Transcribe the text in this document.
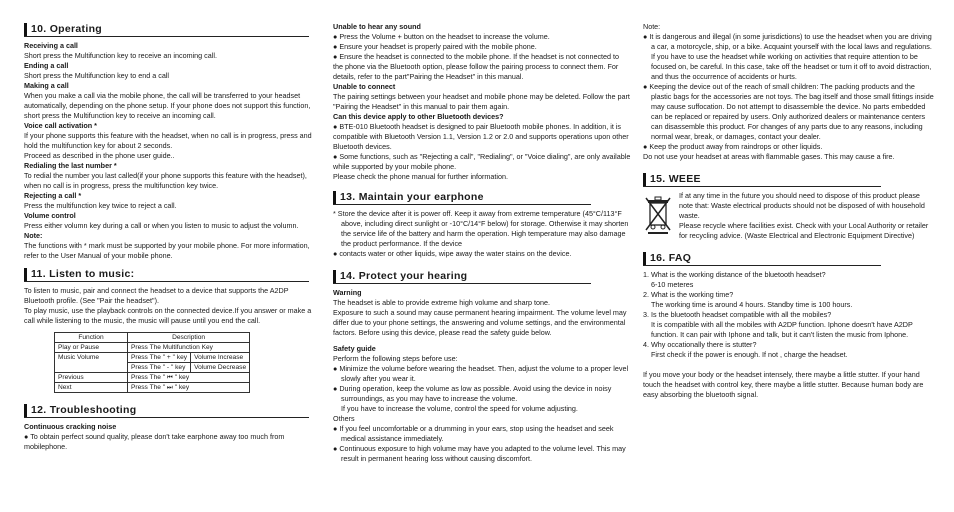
10. Operating

Receiving a call

Short press the Multifunction key to receive an incoming call.

Ending a call

Short press the Multifunction key to end a call

Making a call

When you make a call via the mobile phone, the call will be transferred to your headset automatically, depending on the phone setup. If your phone does not support this function, short press the Multifunction key to receive an incoming call.

Voice call activation *

If your phone supports this feature with the headset, when no call is in progress, press and hold the multifunction key for about 2 seconds.

Proceed as described in the phone user guide..

Redialing the last number *

To redial the number you last called(if your phone supports this feature with the headset), when no call is in progress, press the multifunction key twice.

Rejecting a call *

Press the multifunction key twice to reject a call.

Volume control

Press either volumn key during a call or when you listen to music to adjust the volumn.

Note:

The functions with * mark must be supported by your mobile phone. For more information, refer to the User Manual of your mobile phone.

11. Listen to music:

To listen to music, pair and connect the headset to a device that supports the A2DP Bluetooth profile. (See "Pair the headset").

To play music, use the playback controls on the connected device.If you answer or make a call while listening to the music, the music will pause until you end the call.

Function	Description	
Play or Pause	Press The Multifunction Key	
Music Volume	Press The " + " key	Volume Increase
	Press The " - " key	Volume Decrease
Previous	Press The " ⏮ " key	
Next	Press The " ⏭ " key	
12. Troubleshooting

Continuous cracking noise

● To obtain perfect sound quality, please don't take earphone away too much from mobilephone.

Unable to hear any sound

● Press the Volume + button on the headset to increase the volume.

● Ensure your headset is properly paired with the mobile phone.

● Ensure the headset is connected to the mobile phone. If the headset is not connected to the phone via the Bluetooth option, please follow the pairing process to connect them. For details, refer to the part"Pairing the Headset" in this manual.

Unable to connect

The pairing settings between your headset and mobile phone may be deleted. Follow the part "Pairing the Headset" in this manual to pair them again.

Can this device apply to other Bluetooth devices?

● BTE-010 Bluetooth headset is designed to pair Bluetooth mobile phones. In addition, it is compatible with Bluetooth Version 1.1, Version 1.2 or 2.0 and supports operations upon other Bluetooth devices.

● Some functions, such as "Rejecting a call", "Redialing", or "Voice dialing", are only available while supported by your mobile phone.

Please check the phone manual for further information.

13. Maintain your earphone

* Store the device after it is power off. Keep it away from extreme temperature (45°C/113°F above, including direct sunlight or -10°C/14°F below) for storage. Otherwise it may shorten the service life of the battery and harm the operation. High temperature may also damage the product performance. If the device

● contacts water or other liquids, wipe away the water stains on the device.

14. Protect your hearing

Warning

The headset is able to provide extreme high volume and sharp tone.

Exposure to such a sound may cause permanent hearing impairment. The volume level may differ due to your phone settings, the answering and volume settings, and the environmental factors. Before using this device, please read the safety guide below.

Safety guide

Perform the following steps before use:

● Minimize the volume before wearing the headset. Then, adjust the volume to a proper level slowly after you wear it.

● During operation, keep the volume as low as possible. Avoid using the device in noisy surroundings, as you may have to increase the volume.

If you have to increase the volume, control the speed for volume adjusting.

Others

● If you feel uncomfortable or a drumming in your ears, stop using the headset and seek medical assistance immediately.

● Continuous exposure to high volume may have you adapted to the volume level. This may result in permanent hearing loss without causing discomfort.

Note:

● It is dangerous and illegal (in some jurisdictions) to use the headset when you are driving a car, a motorcycle, ship, or a bike. Acquaint yourself with the local laws and regulations. If you have to use the headset while working on activities that require attention to be focused on, be careful. In this case, take off the headset or turn it off to avoid distraction, and thus the occurrence of accidents or hurts.

● Keeping the device out of the reach of small children: The packing products and the plastic bags for the accessories are not toys. The bag itself and those small fittings inside may cause suffocation. Do not attempt to disassemble the device. No parts embedded can be replaced or repaired by users. Only authorized dealers or maintenance centers can disassemble this product. For changes of any parts due to any reasons, including normal wear, break, or damages, contact your dealer.

● Keep the product away from raindrops or other liquids.

Do not use your headset at areas with flammable gases. This may cause a fire.

15. WEEE

If at any time in the future you should need to dispose of this product please note that: Waste electrical products should not be disposed of with household waste.

Please recycle where facilities exist. Check with your Local Authority or retailer for recycling advice. (Waste Electrical and Electronic Equipment Directive)

16. FAQ

1. What is the working distance of the bluetooth headset?

6-10 meteres

2. What is the working time?

The working time is around 4 hours. Standby time is 100 hours.

3. Is the bluetooth headset compatible with all the mobiles?

It is compatible with all the mobiles with A2DP function. Iphone doesn't have A2DP function. It can pair with Iphone and talk, but it can't listen the music from Iphone.

4. Why occationally there is stutter?

First check if the power is enough. If not , charge the headset.

If you move your body or the headset intensely, there maybe a little stutter. If your hand touch the headset with control key, there maybe a little stutter. Because human body are easy absorbing the bluetooth signal.
